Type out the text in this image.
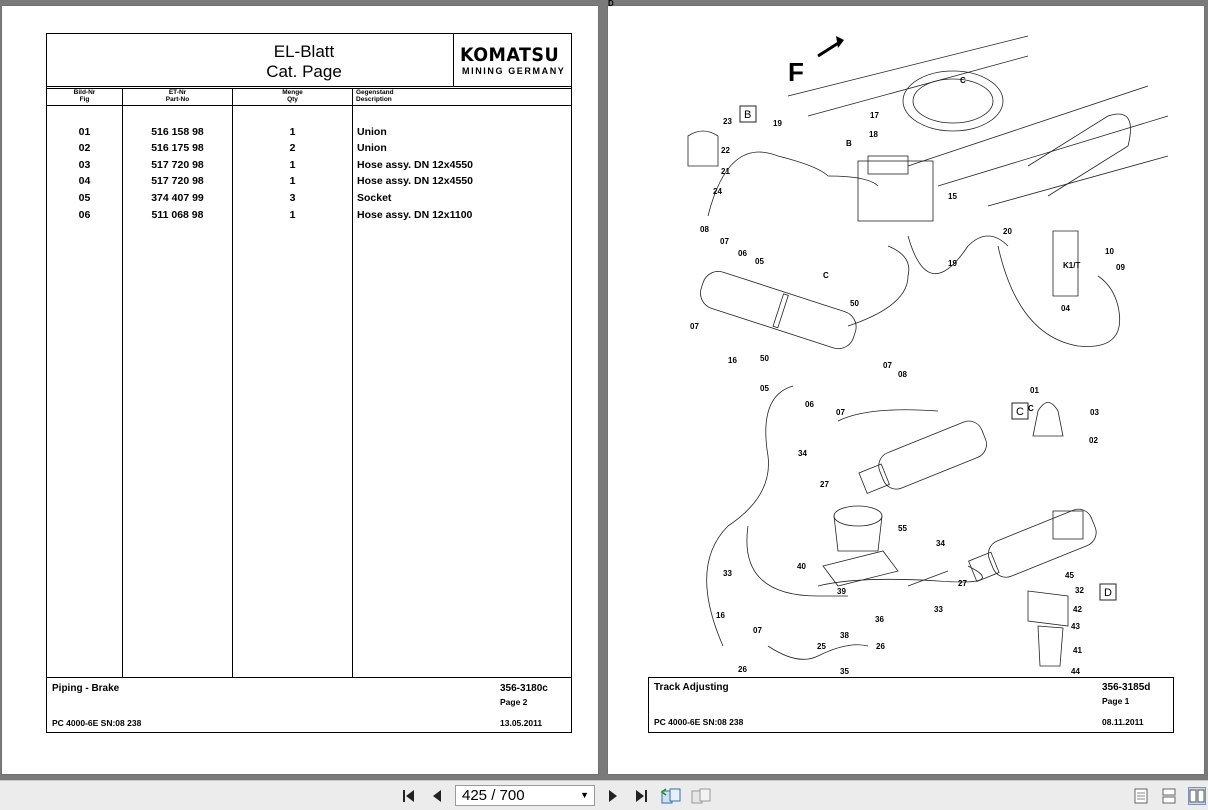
EL-Blatt
Cat. Page
KOMATSU
MINING GERMANY
Bild-Nr
Fig
ET-Nr
Part-No
Menge
Qty
Gegenstand
Description
01	516 158 98	1	Union
02	516 175 98	2	Union
03	517 720 98	1	Hose assy. DN 12x4550
04	517 720 98	1	Hose assy. DN 12x4550
05	374 407 99	3	Socket
06	511 068 98	1	Hose assy. DN 12x1100
Piping - Brake	356-3180c
Page 2
PC 4000-6E SN:08 238	13.05.2011
F
23
22
21
24
19
17
18
B
C
15
20
19
10
K1/T	09
04
08
07
06
05
C
50
07
16	50
05
07
08
06
07
01
03
02
C
34
27
55
34
33
40
39
36
38
16
07
25
26
26
35
33
27
45
32
42
43
41
44
D
B
C
D
Track Adjusting	356-3185d
Page 1
PC 4000-6E SN:08 238	08.11.2011
425 / 700	▼
